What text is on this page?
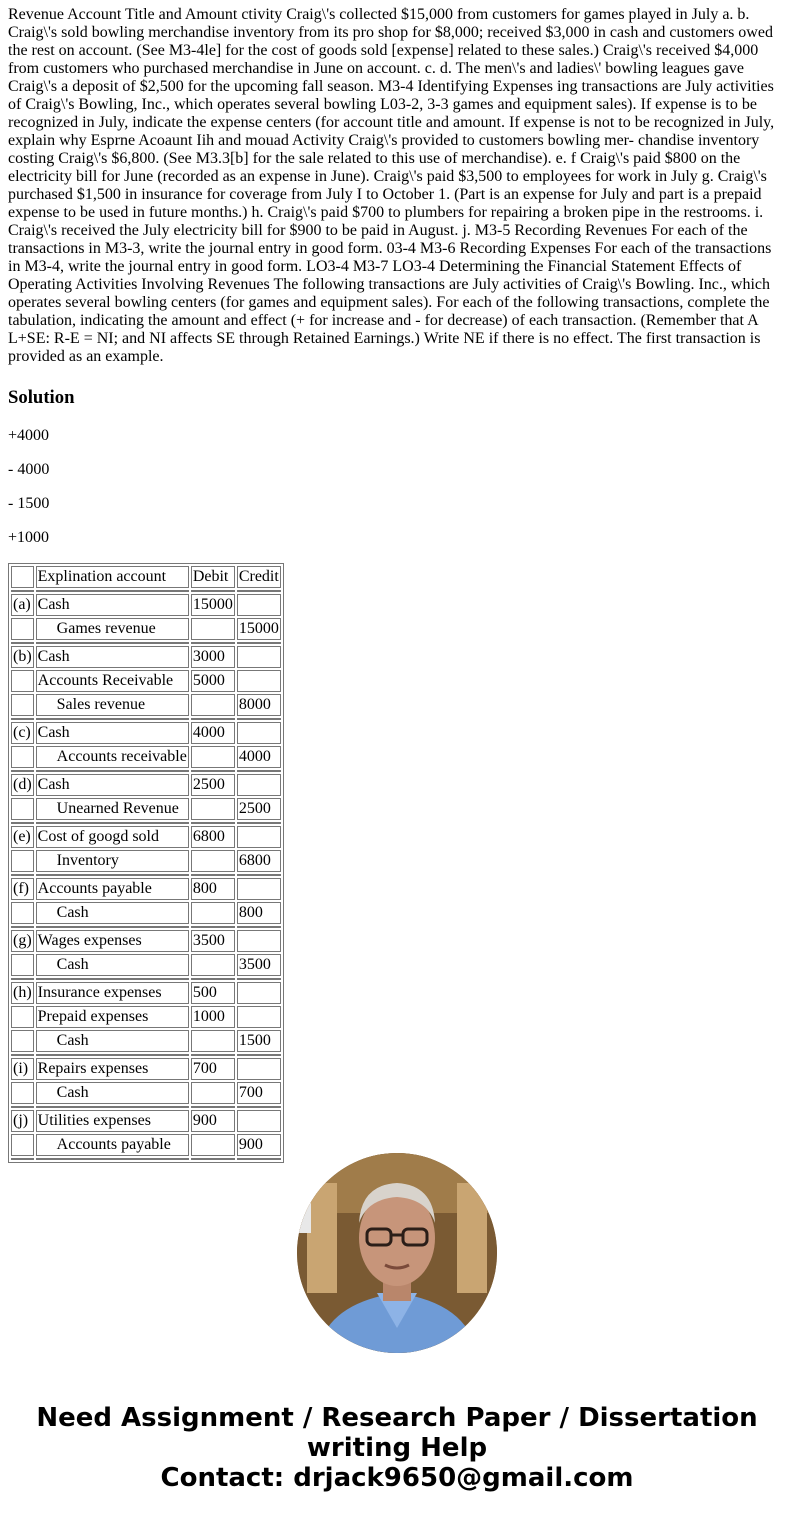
Revenue Account Title and Amount ctivity Craig\'s collected $15,000 from customers for games played in July a. b. Craig\'s sold bowling merchandise inventory from its pro shop for $8,000; received $3,000 in cash and customers owed the rest on account. (See M3-4le] for the cost of goods sold [expense] related to these sales.) Craig\'s received $4,000 from customers who purchased merchandise in June on account. c. d. The men\'s and ladies\' bowling leagues gave Craig\'s a deposit of $2,500 for the upcoming fall season. M3-4 Identifying Expenses ing transactions are July activities of Craig\'s Bowling, Inc., which operates several bowling L03-2, 3-3 games and equipment sales). If expense is to be recognized in July, indicate the expense centers (for account title and amount. If expense is not to be recognized in July, explain why Esprne Acoaunt Iih and mouad Activity Craig\'s provided to customers bowling mer- chandise inventory costing Craig\'s $6,800. (See M3.3[b] for the sale related to this use of merchandise). e. f Craig\'s paid $800 on the electricity bill for June (recorded as an expense in June). Craig\'s paid $3,500 to employees for work in July g. Craig\'s purchased $1,500 in insurance for coverage from July I to October 1. (Part is an expense for July and part is a prepaid expense to be used in future months.) h. Craig\'s paid $700 to plumbers for repairing a broken pipe in the restrooms. i. Craig\'s received the July electricity bill for $900 to be paid in August. j. M3-5 Recording Revenues For each of the transactions in M3-3, write the journal entry in good form. 03-4 M3-6 Recording Expenses For each of the transactions in M3-4, write the journal entry in good form. LO3-4 M3-7 LO3-4 Determining the Financial Statement Effects of Operating Activities Involving Revenues The following transactions are July activities of Craig\'s Bowling. Inc., which operates several bowling centers (for games and equipment sales). For each of the following transactions, complete the tabulation, indicating the amount and effect (+ for increase and - for decrease) of each transaction. (Remember that A L+SE: R-E = NI; and NI affects SE through Retained Earnings.) Write NE if there is no effect. The first transaction is provided as an example.

Solution

+4000

- 4000

- 1500

+1000

	Explination account	Debit	Credit

(a)	Cash	15000	
	Games revenue		15000

(b)	Cash	3000	
	Accounts Receivable	5000	
	Sales revenue		8000

(c)	Cash	4000	
	Accounts receivable		4000

(d)	Cash	2500	
	Unearned Revenue		2500

(e)	Cost of googd sold	6800	
	Inventory		6800

(f)	Accounts payable	800	
	Cash		800

(g)	Wages expenses	3500	
	Cash		3500

(h)	Insurance expenses	500	
	Prepaid expenses	1000	
	Cash		1500

(i)	Repairs expenses	700	
	Cash		700

(j)	Utilities expenses	900	
	Accounts payable		900

Need Assignment / Research Paper / Dissertation
writing Help
Contact: drjack9650@gmail.com
